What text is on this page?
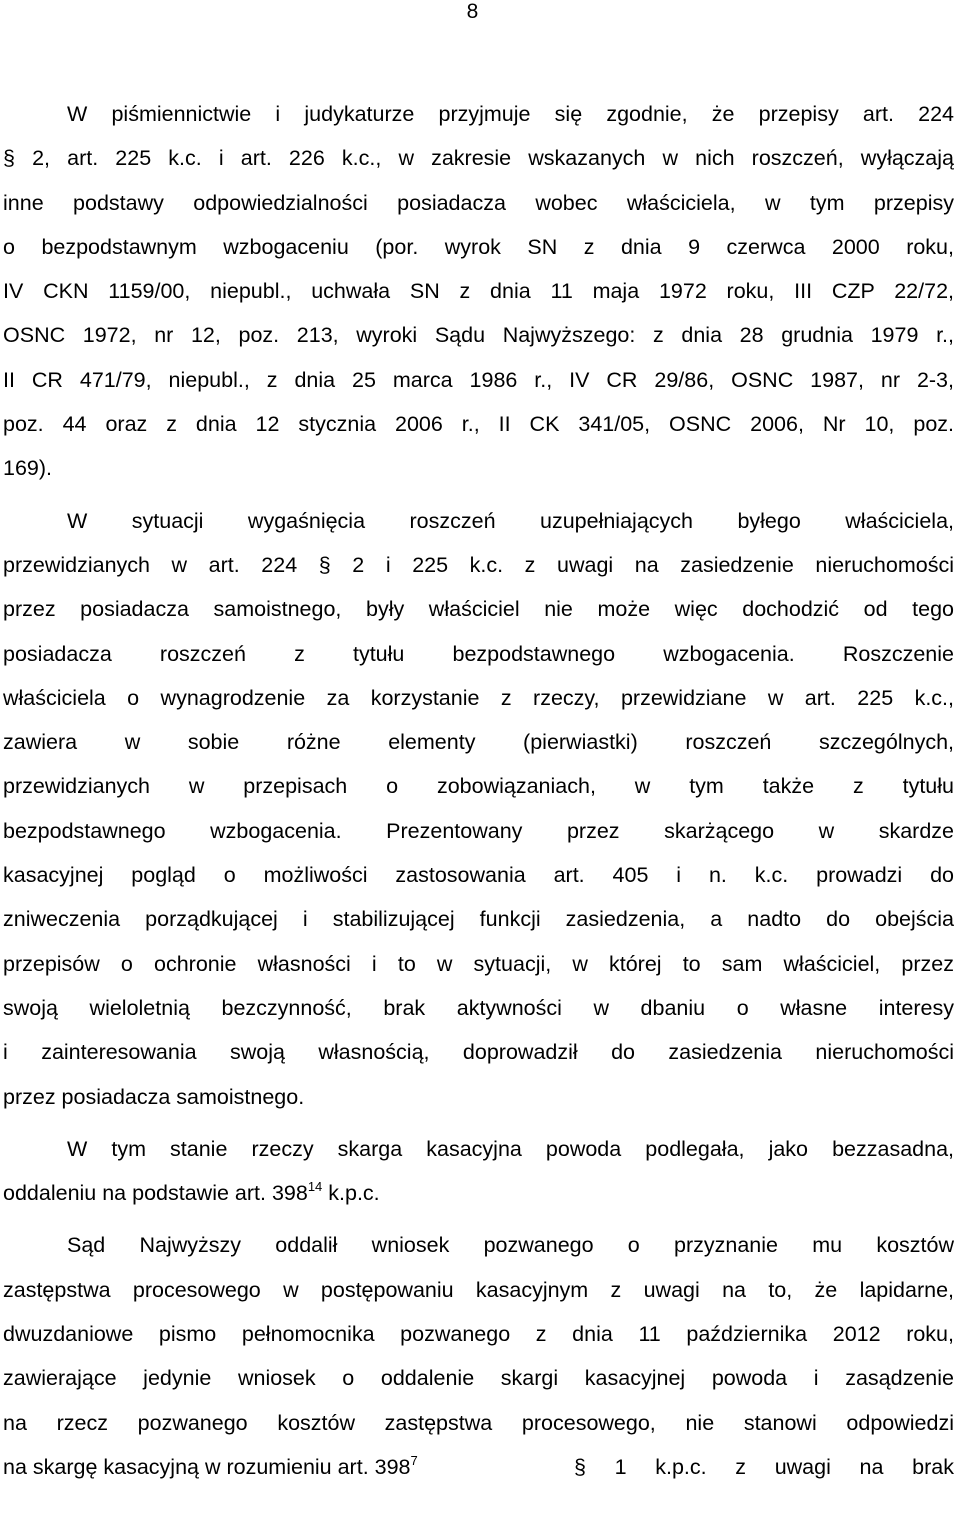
8
W piśmiennictwie i judykaturze przyjmuje się zgodnie, że przepisy art. 224
§ 2, art. 225 k.c. i art. 226 k.c., w zakresie wskazanych w nich roszczeń, wyłączają
inne podstawy odpowiedzialności posiadacza wobec właściciela, w tym przepisy
o bezpodstawnym wzbogaceniu (por. wyrok SN z dnia 9 czerwca 2000 roku,
IV CKN 1159/00, niepubl., uchwała SN z dnia 11 maja 1972 roku, III CZP 22/72,
OSNC 1972, nr 12, poz. 213, wyroki Sądu Najwyższego: z dnia 28 grudnia 1979 r.,
II CR 471/79, niepubl., z dnia 25 marca 1986 r., IV CR 29/86, OSNC 1987, nr 2-3,
poz. 44 oraz z dnia 12 stycznia 2006 r., II CK 341/05, OSNC 2006, Nr 10, poz.
169).
W sytuacji wygaśnięcia roszczeń uzupełniających byłego właściciela,
przewidzianych w art. 224 § 2 i 225 k.c. z uwagi na zasiedzenie nieruchomości
przez posiadacza samoistnego, były właściciel nie może więc dochodzić od tego
posiadacza roszczeń z tytułu bezpodstawnego wzbogacenia. Roszczenie
właściciela o wynagrodzenie za korzystanie z rzeczy, przewidziane w art. 225 k.c.,
zawiera w sobie różne elementy (pierwiastki) roszczeń szczególnych,
przewidzianych w przepisach o zobowiązaniach, w tym także z tytułu
bezpodstawnego wzbogacenia. Prezentowany przez skarżącego w skardze
kasacyjnej pogląd o możliwości zastosowania art. 405 i n. k.c. prowadzi do
zniweczenia porządkującej i stabilizującej funkcji zasiedzenia, a nadto do obejścia
przepisów o ochronie własności i to w sytuacji, w której to sam właściciel, przez
swoją wieloletnią bezczynność, brak aktywności w dbaniu o własne interesy
i zainteresowania swoją własnością, doprowadził do zasiedzenia nieruchomości
przez posiadacza samoistnego.
W tym stanie rzeczy skarga kasacyjna powoda podlegała, jako bezzasadna,
oddaleniu na podstawie art. $398^{14}$ k.p.c.
Sąd Najwyższy oddalił wniosek pozwanego o przyznanie mu kosztów
zastępstwa procesowego w postępowaniu kasacyjnym z uwagi na to, że lapidarne,
dwuzdaniowe pismo pełnomocnika pozwanego z dnia 11 października 2012 roku,
zawierające jedynie wniosek o oddalenie skargi kasacyjnej powoda i zasądzenie
na rzecz pozwanego kosztów zastępstwa procesowego, nie stanowi odpowiedzi
na skargę kasacyjną w rozumieniu art. $398^7$	§ 1 k.p.c. z uwagi na brak
